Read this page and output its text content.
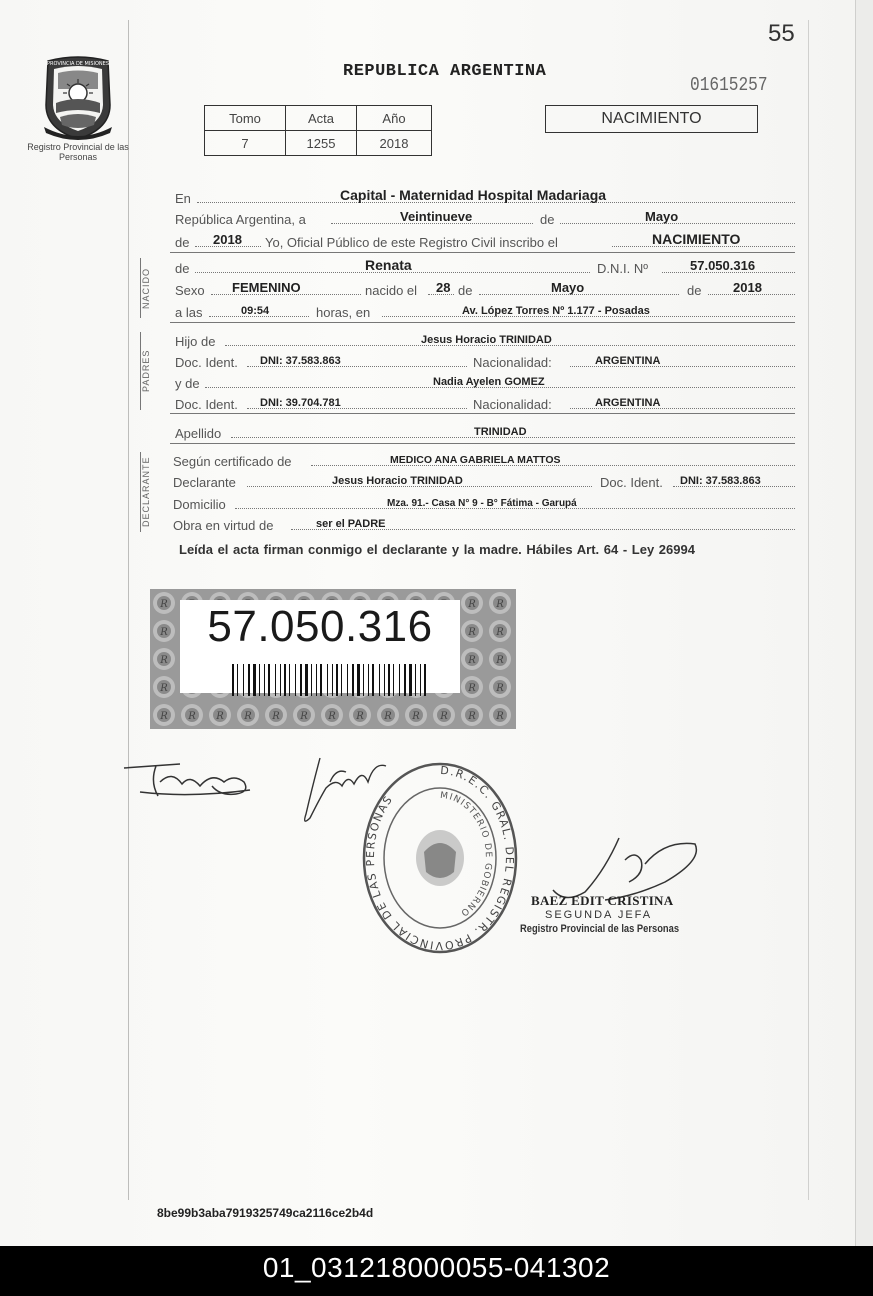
55
PROVINCIA DE MISIONES
Registro Provincial de las Personas
REPUBLICA ARGENTINA
01615257
Tomo	Acta	Año
7	1255	2018
NACIMIENTO
En	Capital - Maternidad Hospital Madariaga
República Argentina, a	Veintinueve	de	Mayo
de 2018 Yo, Oficial Público de este Registro Civil inscribo el	NACIMIENTO
NACIDO	de	Renata	D.N.I. Nº	57.050.316
Sexo FEMENINO	nacido el 28 de	Mayo	de 2018
a las	09:54	horas, en	Av. López Torres Nº 1.177 - Posadas
PADRES
Hijo de	Jesus Horacio TRINIDAD
Doc. Ident. DNI: 37.583.863	Nacionalidad:	ARGENTINA
y de	Nadia Ayelen GOMEZ
Doc. Ident. DNI: 39.704.781	Nacionalidad:	ARGENTINA
Apellido	TRINIDAD
DECLARANTE	Según certificado de	MEDICO ANA GABRIELA MATTOS
Declarante	Jesus Horacio TRINIDAD	Doc. Ident. DNI: 37.583.863
Domicilio	Mza. 91.- Casa N° 9 - B° Fátima - Garupá
Obra en virtud de	ser el PADRE
Leída el acta firman conmigo el declarante y la madre. Hábiles Art. 64 - Ley 26994
57.050.316
D.R.E.C. GRAL. DEL REGISTR. PROVINCIAL DE LAS PERSONAS	MINISTERIO DE GOBIERNO
BAEZ EDIT CRISTINA
SEGUNDA JEFA
Registro Provincial de las Personas
8be99b3aba7919325749ca2116ce2b4d
01_031218000055-041302
